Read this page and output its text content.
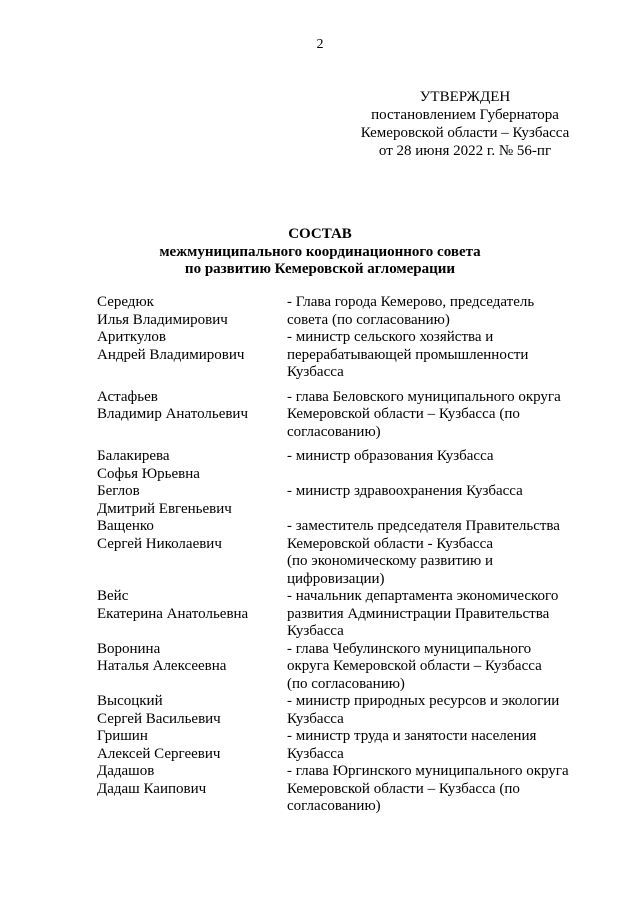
2
УТВЕРЖДЕН
постановлением Губернатора
Кемеровской области – Кузбасса
от 28 июня 2022 г. № 56-пг
СОСТАВ
межмуниципального координационного совета
по развитию Кемеровской агломерации
Середюк
Илья Владимирович
- Глава города Кемерово, председатель
совета (по согласованию)
Ариткулов
Андрей Владимирович
- министр сельского хозяйства и
перерабатывающей промышленности
Кузбасса
Астафьев
Владимир Анатольевич
- глава Беловского муниципального округа
Кемеровской области – Кузбасса (по
согласованию)
Балакирева
Софья Юрьевна
- министр образования Кузбасса
Беглов
Дмитрий Евгеньевич
- министр здравоохранения Кузбасса
Ващенко
Сергей Николаевич
- заместитель председателя Правительства
Кемеровской области - Кузбасса
(по экономическому развитию и
цифровизации)
Вейс
Екатерина Анатольевна
- начальник департамента экономического
развития Администрации Правительства
Кузбасса
Воронина
Наталья Алексеевна
- глава Чебулинского муниципального
округа Кемеровской области – Кузбасса
(по согласованию)
Высоцкий
Сергей Васильевич
- министр природных ресурсов и экологии
Кузбасса
Гришин
Алексей Сергеевич
- министр труда и занятости населения
Кузбасса
Дадашов
Дадаш Каипович
- глава Юргинского муниципального округа
Кемеровской области – Кузбасса (по
согласованию)
